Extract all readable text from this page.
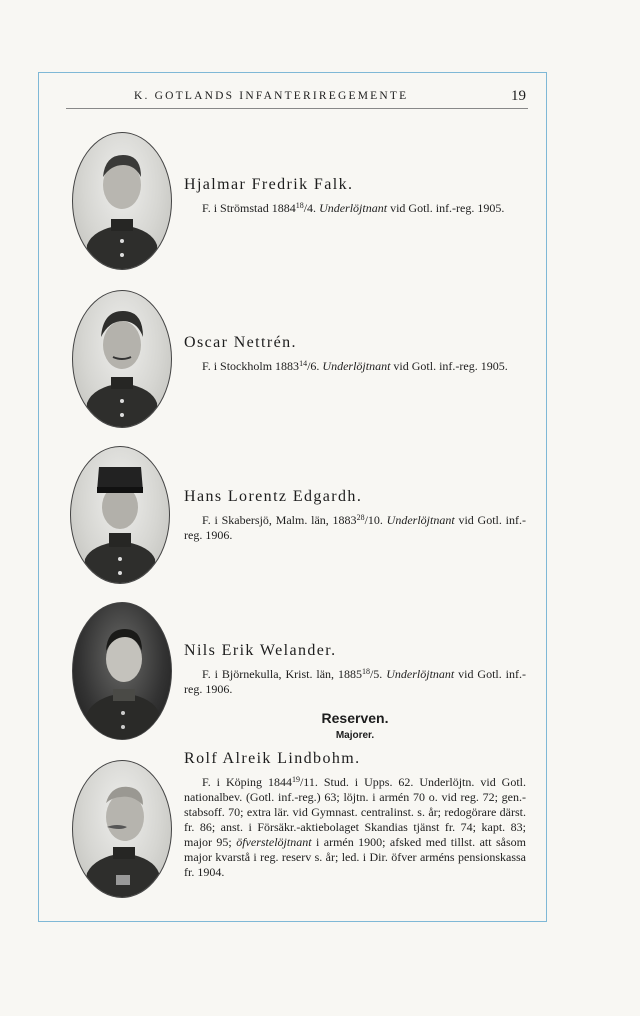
K. GOTLANDS INFANTERIREGEMENTE	19

Hjalmar Fredrik Falk.

F. i Strömstad 1884$^{18}$/4. Underlöjtnant vid Gotl. inf.-reg. 1905.

Oscar Nettrén.

F. i Stockholm 1883$^{14}$/6. Underlöjtnant vid Gotl. inf.-reg. 1905.

Hans Lorentz Edgardh.

F. i Skabersjö, Malm. län, 1883$^{28}$/10. Underlöjtnant vid Gotl. inf.-reg. 1906.

Nils Erik Welander.

F. i Björnekulla, Krist. län, 1885$^{18}$/5. Underlöjtnant vid Gotl. inf.-reg. 1906.

Reserven.
Majorer.

Rolf Alreik Lindbohm.

F. i Köping 1844$^{19}$/11. Stud. i Upps. 62. Underlöjtn. vid Gotl. nationalbev. (Gotl. inf.-reg.) 63; löjtn. i armén 70 o. vid reg. 72; gen.-stabsoff. 70; extra lär. vid Gymnast. centralinst. s. år; redogörare därst. fr. 86; anst. i Försäkr.-aktiebolaget Skandias tjänst fr. 74; kapt. 83; major 95; öfverstelöjtnant i armén 1900; afsked med tillst. att såsom major kvarstå i reg. reserv s. år; led. i Dir. öfver arméns pensionskassa fr. 1904.
